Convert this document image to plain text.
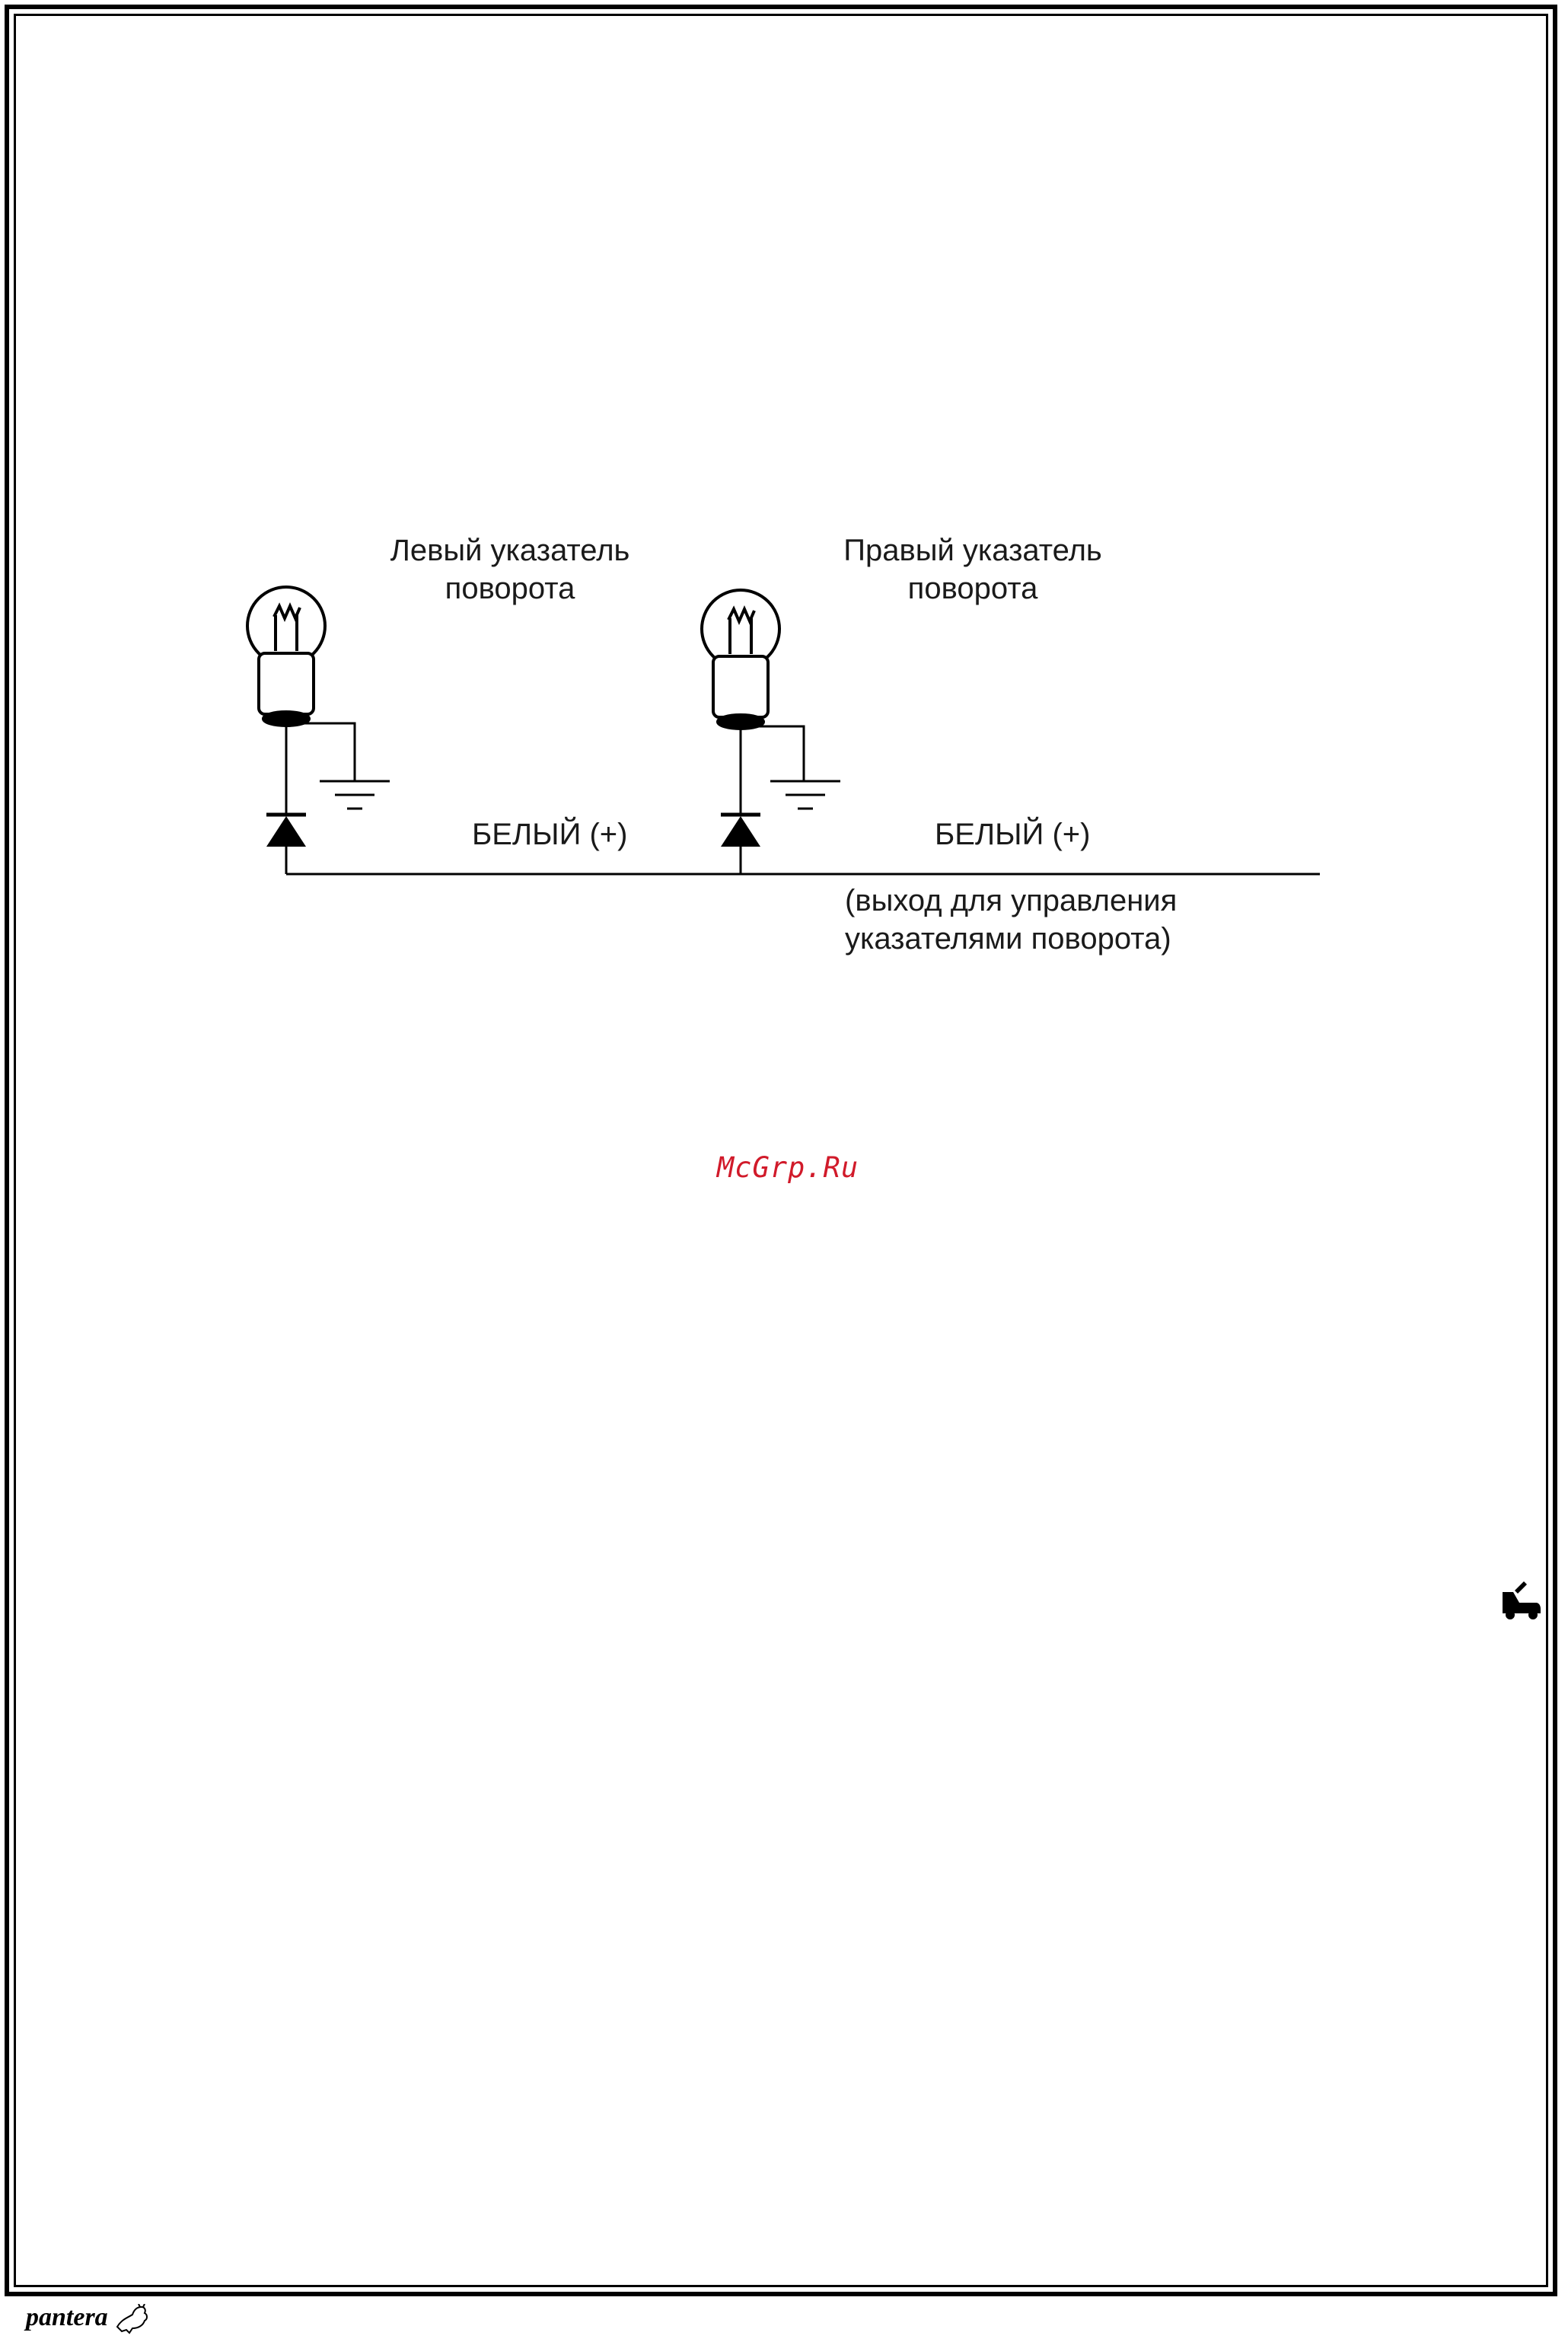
Левый указатель
поворота
Правый указатель
поворота
БЕЛЫЙ (+)	БЕЛЫЙ (+)
(выход для управления
указателями поворота)
McGrp.Ru
pantera
